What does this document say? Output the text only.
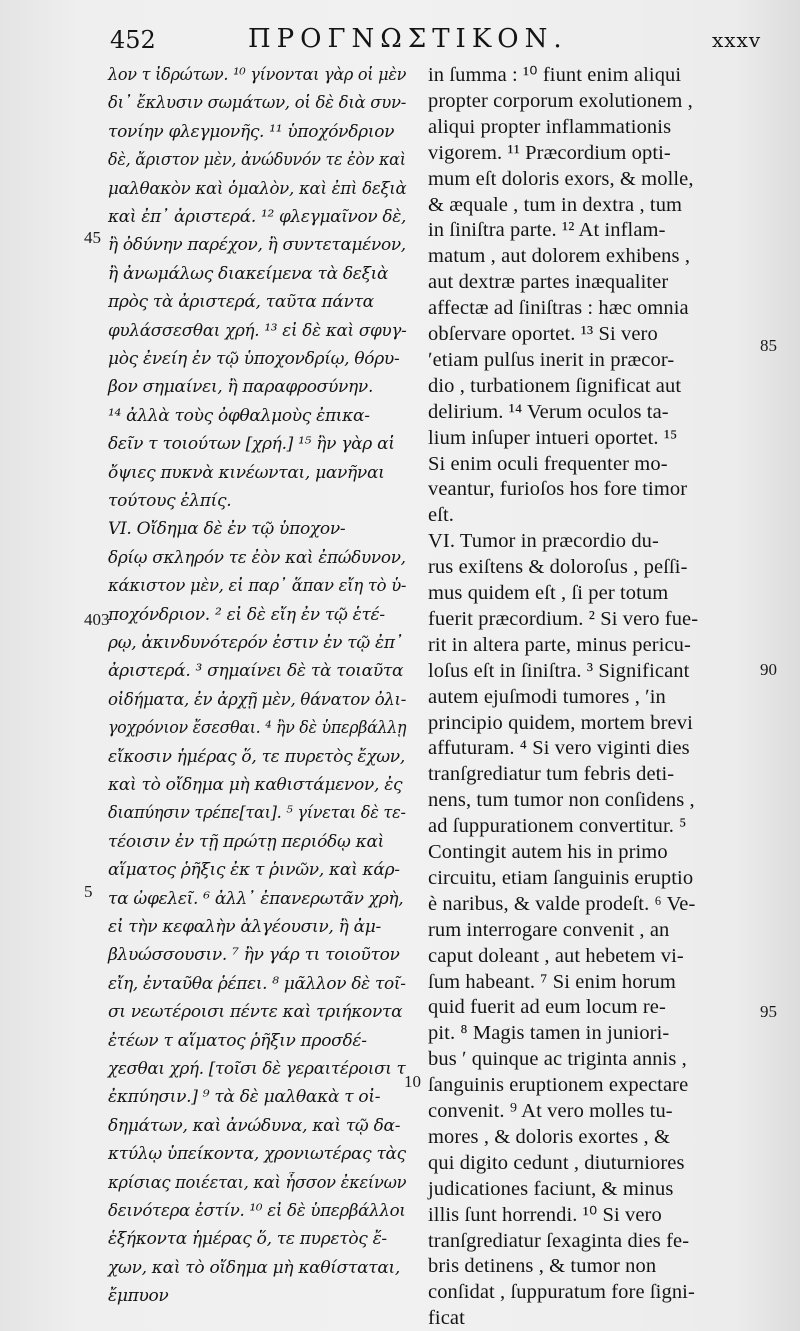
452	ΠΡΟΓΝΩΣΤΙΚΟΝ.	xxxv
λον τ ἰδρώτων. ¹⁰ γίνονται γὰρ οἱ μὲν
δι᾽ ἔκλυσιν σωμάτων, οἱ δὲ διὰ συν-
τονίην φλεγμονῆς. ¹¹ ὑποχόνδριον
δὲ, ἄριστον μὲν, ἀνώδυνόν τε ἐὸν καὶ
μαλθακὸν καὶ ὁμαλὸν, καὶ ἐπὶ δεξιὰ
καὶ ἐπ᾽ ἀριστερά. ¹² φλεγμαῖνον δὲ,
ἢ ὀδύνην παρέχον, ἢ συντεταμένον,
ἢ ἀνωμάλως διακείμενα τὰ δεξιὰ
πρὸς τὰ ἀριστερά, ταῦτα πάντα
φυλάσσεσθαι χρή. ¹³ εἰ δὲ καὶ σφυγ-
μὸς ἐνείη ἐν τῷ ὑποχονδρίῳ, θόρυ-
βον σημαίνει, ἢ παραφροσύνην.
¹⁴ ἀλλὰ τοὺς ὀφθαλμοὺς ἐπικα-
δεῖν τ τοιούτων [χρή.] ¹⁵ ἢν γὰρ αἱ
ὄψιες πυκνὰ κινέωνται, μανῆναι
τούτους ἐλπίς.
VI. Οἴδημα δὲ ἐν τῷ ὑποχον-
δρίῳ σκληρόν τε ἐὸν καὶ ἐπώδυνον,
κάκιστον μὲν, εἰ παρ᾽ ἅπαν εἴη τὸ ὑ-
ποχόνδριον. ² εἰ δὲ εἴη ἐν τῷ ἑτέ-
ρῳ, ἀκινδυνότερόν ἐστιν ἐν τῷ ἐπ᾽
ἀριστερά. ³ σημαίνει δὲ τὰ τοιαῦτα
οἰδήματα, ἐν ἀρχῇ μὲν, θάνατον ὀλι-
γοχρόνιον ἔσεσθαι. ⁴ ἢν δὲ ὑπερβάλλῃ
εἴκοσιν ἡμέρας ὅ, τε πυρετὸς ἔχων,
καὶ τὸ οἴδημα μὴ καθιστάμενον, ἐς
διαπύησιν τρέπε[ται]. ⁵ γίνεται δὲ τε-
τέοισιν ἐν τῇ πρώτῃ περιόδῳ καὶ
αἵματος ῥῆξις ἐκ τ ῥινῶν, καὶ κάρ-
τα ὠφελεῖ. ⁶ ἀλλ᾽ ἐπανερωτᾶν χρὴ,
εἰ τὴν κεφαλὴν ἀλγέουσιν, ἢ ἀμ-
βλυώσσουσιν. ⁷ ἢν γάρ τι τοιοῦτον
εἴη, ἐνταῦθα ῥέπει. ⁸ μᾶλλον δὲ τοῖ-
σι νεωτέροισι πέντε καὶ τριήκοντα
ἐτέων τ αἵματος ῥῆξιν προσδέ-
χεσθαι χρή. [τοῖσι δὲ γεραιτέροισι τ
ἐκπύησιν.] ⁹ τὰ δὲ μαλθακὰ τ οἰ-
δημάτων, καὶ ἀνώδυνα, καὶ τῷ δα-
κτύλῳ ὑπείκοντα, χρονιωτέρας τὰς
κρίσιας ποιέεται, καὶ ἧσσον ἐκείνων
δεινότερα ἐστίν. ¹⁰ εἰ δὲ ὑπερβάλλοι
ἑξήκοντα ἡμέρας ὅ, τε πυρετὸς ἔ-
χων, καὶ τὸ οἴδημα μὴ καθίσταται,
ἔμπυον
in ſumma : ¹⁰ fiunt enim aliqui
propter corporum exolutionem ,
aliqui propter inflammationis
vigorem. ¹¹ Præcordium opti-
mum eſt doloris exors, & molle,
& æquale , tum in dextra , tum
in ſiniſtra parte. ¹² At inflam-
matum , aut dolorem exhibens ,
aut dextræ partes inæqualiter
affectæ ad ſiniſtras : hæc omnia
obſervare oportet. ¹³ Si vero
ʹetiam pulſus inerit in præcor-
dio , turbationem ſignificat aut
delirium. ¹⁴ Verum oculos ta-
lium inſuper intueri oportet. ¹⁵
Si enim oculi frequenter mo-
veantur, furioſos hos fore timor
eſt.
VI. Tumor in præcordio du-
rus exiſtens & doloroſus , peſſi-
mus quidem eſt , ſi per totum
fuerit præcordium. ² Si vero fue-
rit in altera parte, minus pericu-
loſus eſt in ſiniſtra. ³ Significant
autem ejuſmodi tumores , ʹin
principio quidem, mortem brevi
affuturam. ⁴ Si vero viginti dies
tranſgrediatur tum febris deti-
nens, tum tumor non conſidens ,
ad ſuppurationem convertitur. ⁵
Contingit autem his in primo
circuitu, etiam ſanguinis eruptio
è naribus, & valde prodeſt. ⁶ Ve-
rum interrogare convenit , an
caput doleant , aut hebetem vi-
ſum habeant. ⁷ Si enim horum
quid fuerit ad eum locum re-
pit. ⁸ Magis tamen in juniori-
bus ʹ quinque ac triginta annis ,
ſanguinis eruptionem expectare
convenit. ⁹ At vero molles tu-
mores , & doloris exortes , &
qui digito cedunt , diuturniores
judicationes faciunt, & minus
illis ſunt horrendi. ¹⁰ Si vero
tranſgrediatur ſexaginta dies fe-
bris detinens , & tumor non
conſidat , ſuppuratum fore ſigni-
ficat
45
403
5
10
85
90
95
